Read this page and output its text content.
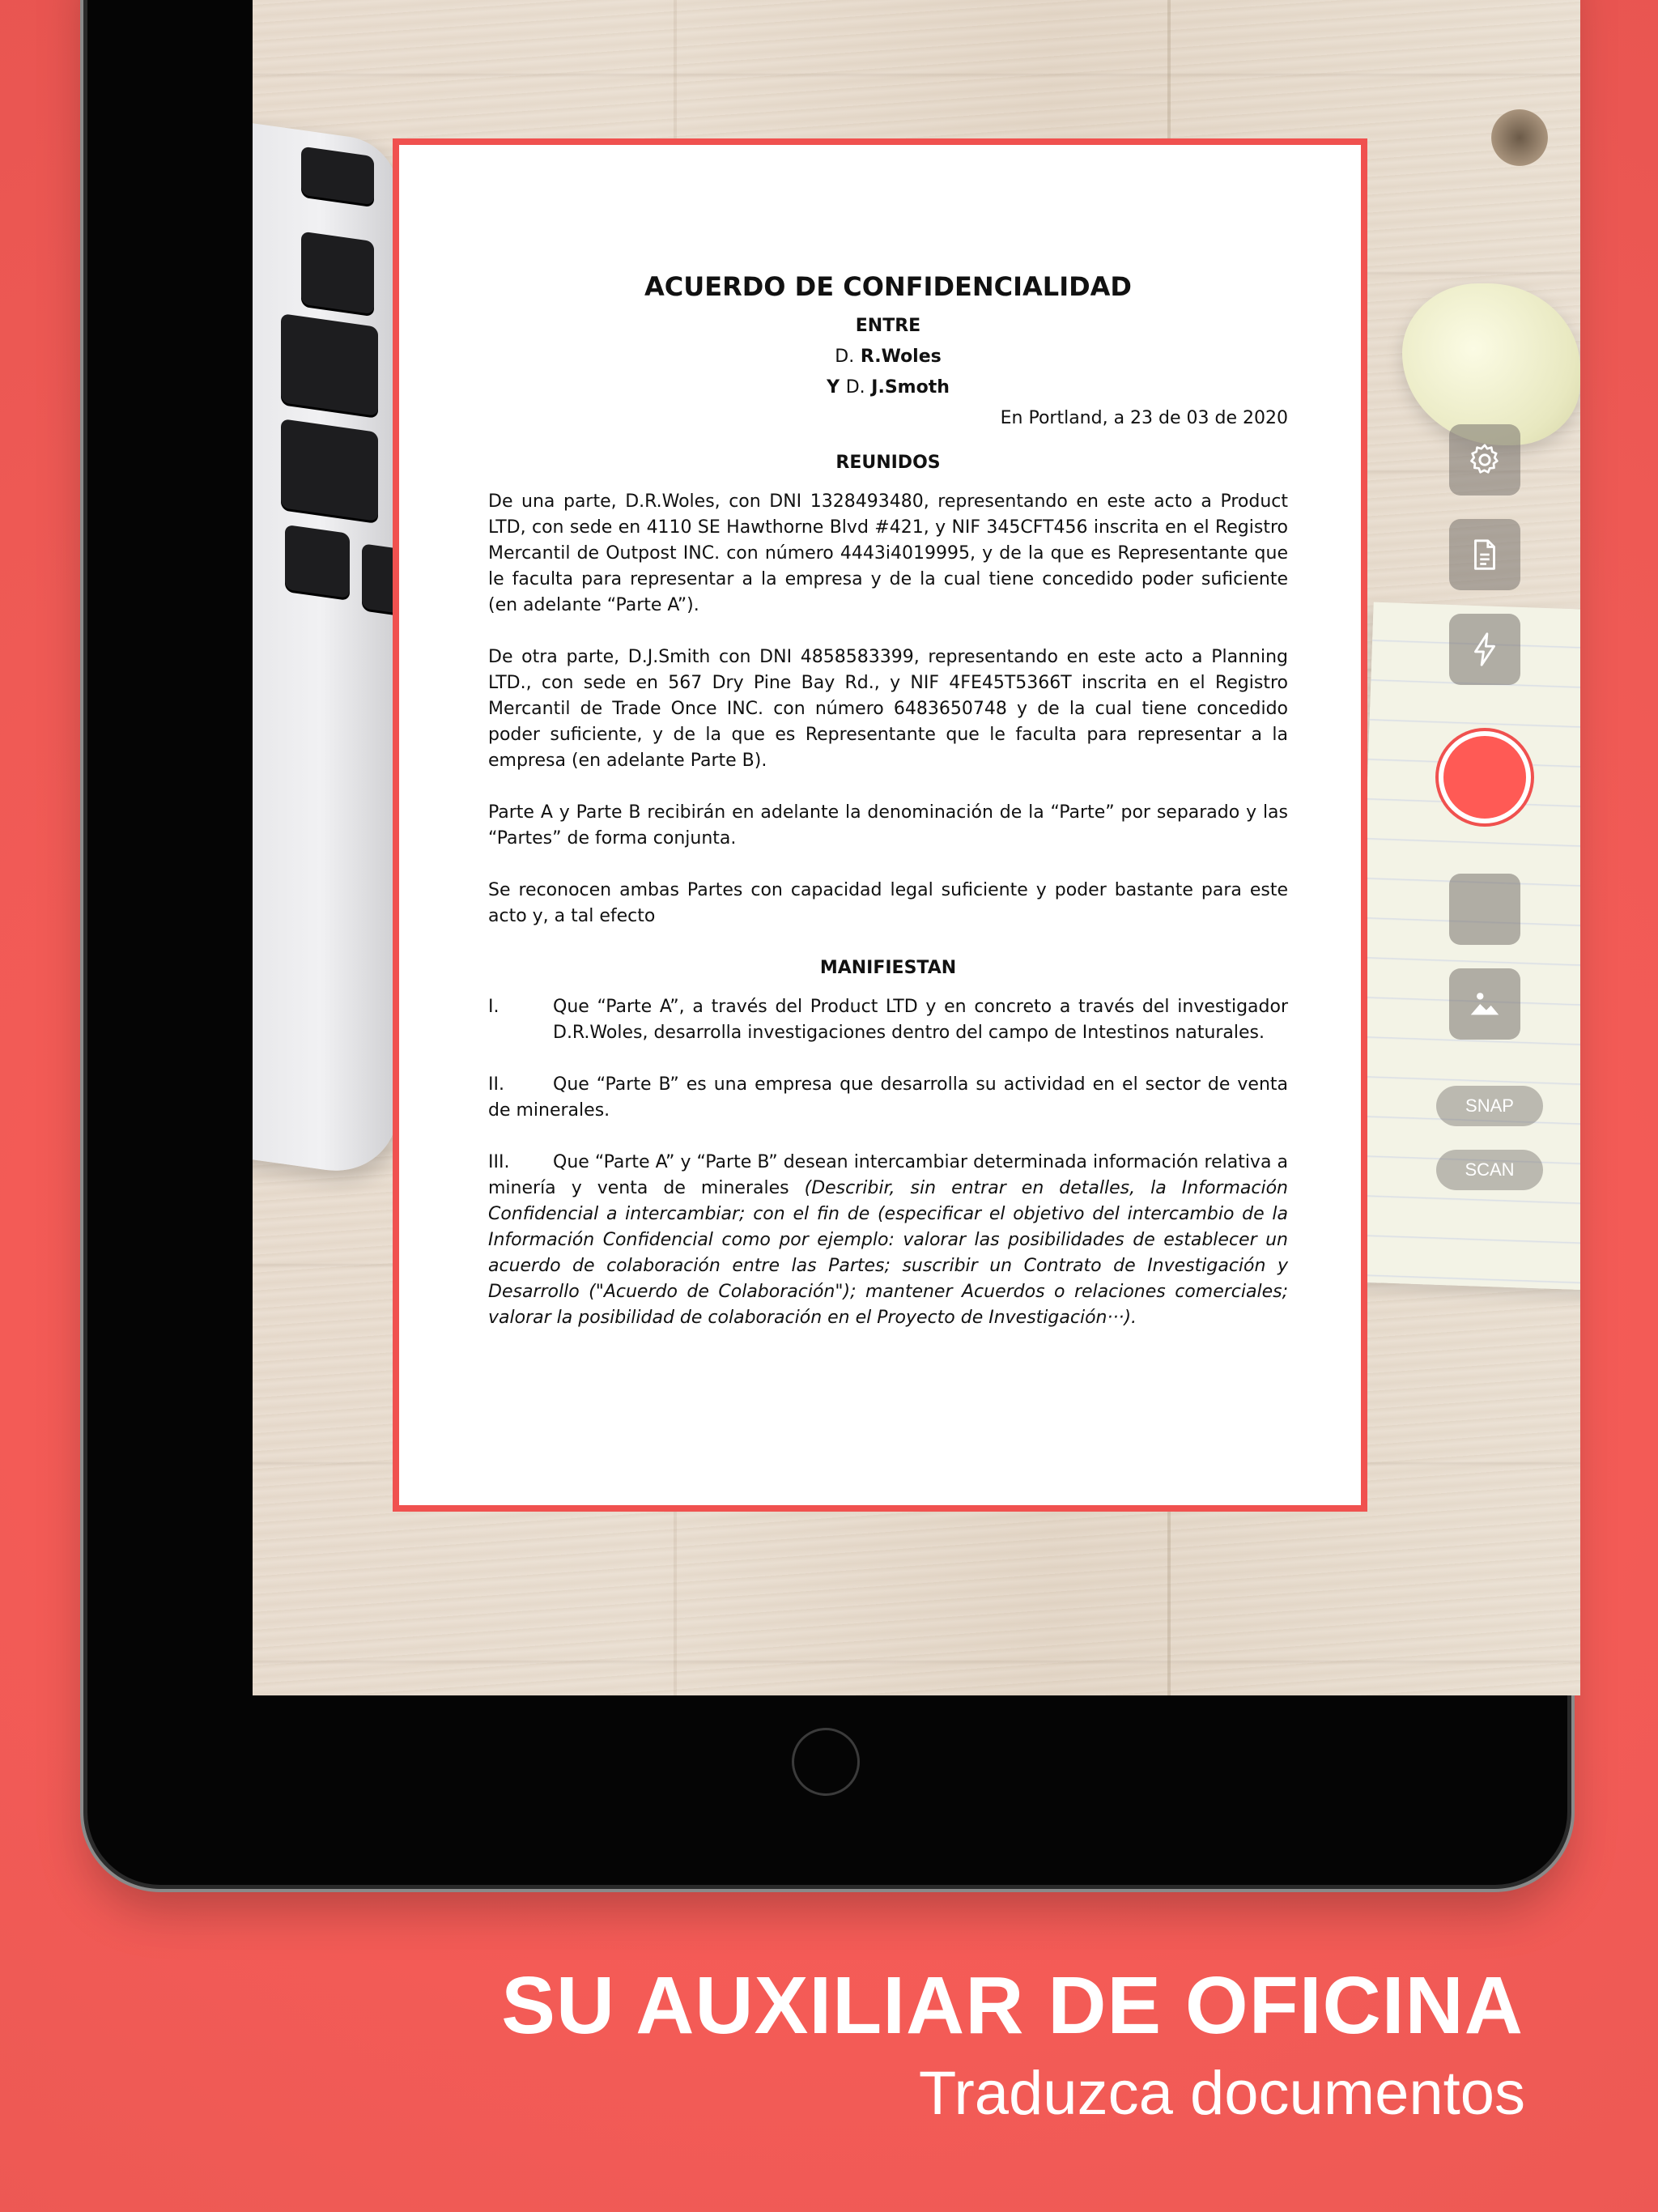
ACUERDO DE CONFIDENCIALIDAD
ENTRE
D. R.Woles
Y D. J.Smoth
En Portland, a 23 de 03 de 2020
REUNIDOS

De una parte, D.R.Woles, con DNI 1328493480, representando en este acto a Product LTD, con sede en 4110 SE Hawthorne Blvd #421, y NIF 345CFT456 inscrita en el Registro Mercantil de Outpost INC. con número 4443i4019995, y de la que es Representante que le faculta para representar a la empresa y de la cual tiene concedido poder suficiente (en adelante “Parte A”).

De otra parte, D.J.Smith con DNI 4858583399, representando en este acto a Planning LTD., con sede en 567 Dry Pine Bay Rd., y NIF 4FE45T5366T inscrita en el Registro Mercantil de Trade Once INC. con número 6483650748 y de la cual tiene concedido poder suficiente, y de la que es Representante que le faculta para representar a la empresa (en adelante Parte B).

Parte A y Parte B recibirán en adelante la denominación de la “Parte” por separado y las “Partes” de forma conjunta.

Se reconocen ambas Partes con capacidad legal suficiente y poder bastante para este acto y, a tal efecto

MANIFIESTAN
I.	Que “Parte A”, a través del Product LTD y en concreto a través del investigador D.R.Woles, desarrolla investigaciones dentro del campo de Intestinos naturales.
II.	Que “Parte B” es una empresa que desarrolla su actividad en el sector de venta de minerales.
III. Que “Parte A” y “Parte B” desean intercambiar determinada información relativa a minería y venta de minerales (Describir, sin entrar en detalles, la Información Confidencial a intercambiar; con el fin de (especificar el objetivo del intercambio de la Información Confidencial como por ejemplo: valorar las posibilidades de establecer un acuerdo de colaboración entre las Partes; suscribir un Contrato de Investigación y Desarrollo ("Acuerdo de Colaboración"); mantener Acuerdos o relaciones comerciales; valorar la posibilidad de colaboración en el Proyecto de Investigación···).
SNAP
SCAN
SU AUXILIAR DE OFICINA
Traduzca documentos
